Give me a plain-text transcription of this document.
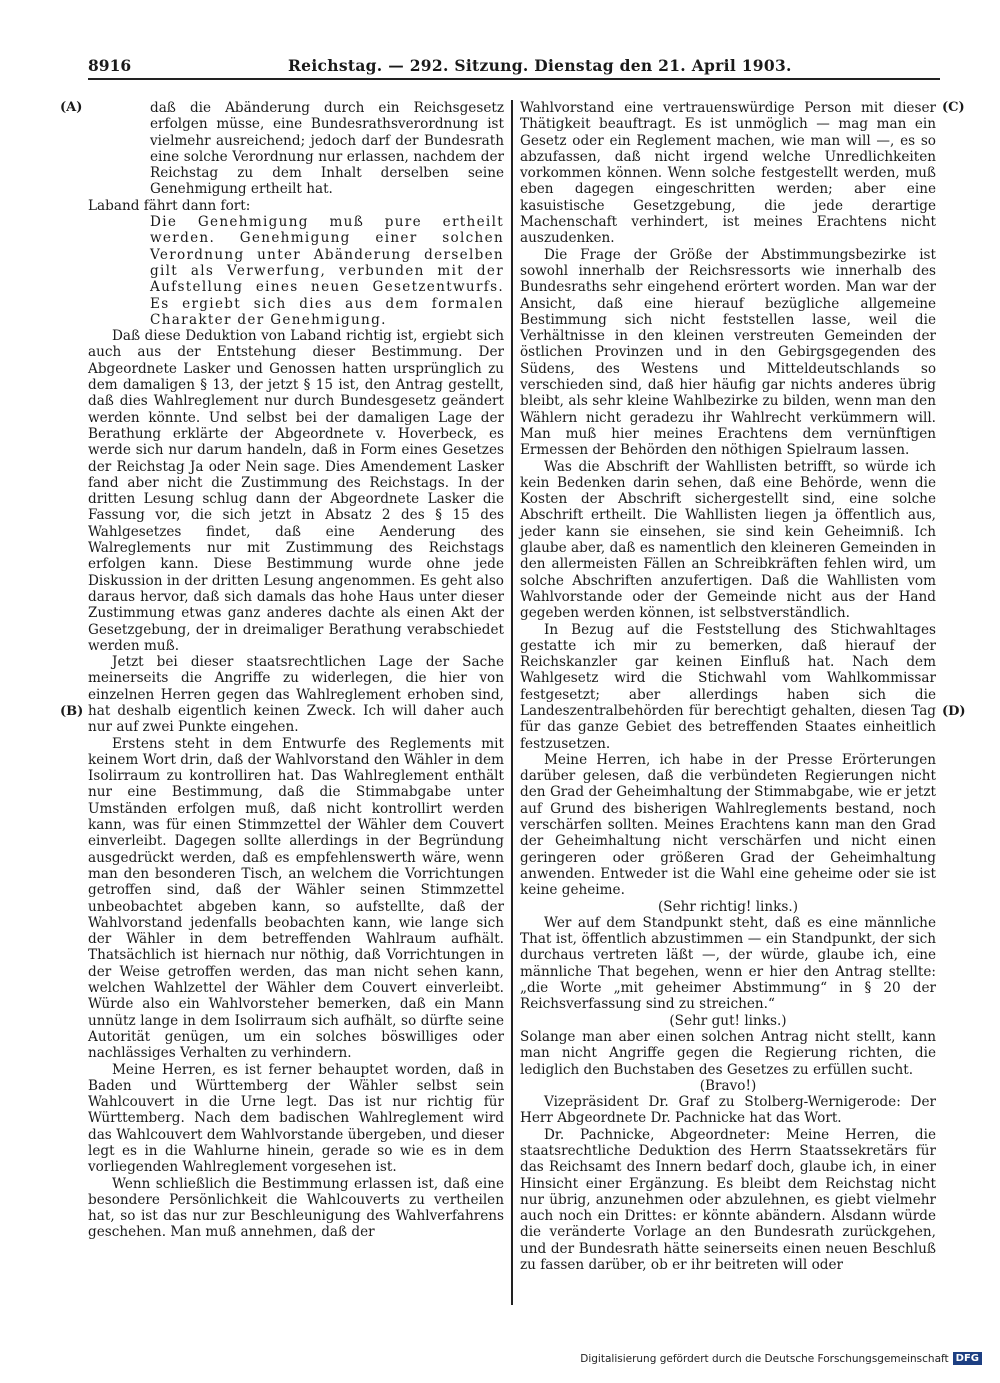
8916	Reichstag. — 292. Sitzung. Dienstag den 21. April 1903.
(A)
(B)
(C)
(D)

daß die Abänderung durch ein Reichsgesetz erfolgen müsse, eine Bundesrathsverordnung ist vielmehr ausreichend; jedoch darf der Bundesrath eine solche Verordnung nur erlassen, nachdem der Reichstag zu dem Inhalt derselben seine Genehmigung ertheilt hat.

Laband fährt dann fort:

Die Genehmigung muß pure ertheilt werden. Genehmigung einer solchen Verordnung unter Abänderung derselben gilt als Verwerfung, verbunden mit der Aufstellung eines neuen Gesetzentwurfs. Es ergiebt sich dies aus dem formalen Charakter der Genehmigung.

Daß diese Deduktion von Laband richtig ist, ergiebt sich auch aus der Entstehung dieser Bestimmung. Der Abgeordnete Lasker und Genossen hatten ursprünglich zu dem damaligen § 13, der jetzt § 15 ist, den Antrag gestellt, daß dies Wahlreglement nur durch Bundesgesetz geändert werden könnte. Und selbst bei der damaligen Lage der Berathung erklärte der Abgeordnete v. Hoverbeck, es werde sich nur darum handeln, daß in Form eines Gesetzes der Reichstag Ja oder Nein sage. Dies Amendement Lasker fand aber nicht die Zustimmung des Reichstags. In der dritten Lesung schlug dann der Abgeordnete Lasker die Fassung vor, die sich jetzt in Absatz 2 des § 15 des Wahlgesetzes findet, daß eine Aenderung des Walreglements nur mit Zustimmung des Reichstags erfolgen kann. Diese Bestimmung wurde ohne jede Diskussion in der dritten Lesung angenommen. Es geht also daraus hervor, daß sich damals das hohe Haus unter dieser Zustimmung etwas ganz anderes dachte als einen Akt der Gesetzgebung, der in dreimaliger Berathung verabschiedet werden muß.

Jetzt bei dieser staatsrechtlichen Lage der Sache meinerseits die Angriffe zu widerlegen, die hier von einzelnen Herren gegen das Wahlreglement erhoben sind, hat deshalb eigentlich keinen Zweck. Ich will daher auch nur auf zwei Punkte eingehen.

Erstens steht in dem Entwurfe des Reglements mit keinem Wort drin, daß der Wahlvorstand den Wähler in dem Isolirraum zu kontrolliren hat. Das Wahlreglement enthält nur eine Bestimmung, daß die Stimmabgabe unter Umständen erfolgen muß, daß nicht kontrollirt werden kann, was für einen Stimmzettel der Wähler dem Couvert einverleibt. Dagegen sollte allerdings in der Begründung ausgedrückt werden, daß es empfehlenswerth wäre, wenn man den besonderen Tisch, an welchem die Vorrichtungen getroffen sind, daß der Wähler seinen Stimmzettel unbeobachtet abgeben kann, so aufstellte, daß der Wahlvorstand jedenfalls beobachten kann, wie lange sich der Wähler in dem betreffenden Wahlraum aufhält. Thatsächlich ist hiernach nur nöthig, daß Vorrichtungen in der Weise getroffen werden, das man nicht sehen kann, welchen Wahlzettel der Wähler dem Couvert einverleibt. Würde also ein Wahlvorsteher bemerken, daß ein Mann unnütz lange in dem Isolirraum sich aufhält, so dürfte seine Autorität genügen, um ein solches böswilliges oder nachlässiges Verhalten zu verhindern.

Meine Herren, es ist ferner behauptet worden, daß in Baden und Württemberg der Wähler selbst sein Wahlcouvert in die Urne legt. Das ist nur richtig für Württemberg. Nach dem badischen Wahlreglement wird das Wahlcouvert dem Wahlvorstande übergeben, und dieser legt es in die Wahlurne hinein, gerade so wie es in dem vorliegenden Wahlreglement vorgesehen ist.

Wenn schließlich die Bestimmung erlassen ist, daß eine besondere Persönlichkeit die Wahlcouverts zu vertheilen hat, so ist das nur zur Beschleunigung des Wahlverfahrens geschehen. Man muß annehmen, daß der

Wahlvorstand eine vertrauenswürdige Person mit dieser Thätigkeit beauftragt. Es ist unmöglich — mag man ein Gesetz oder ein Reglement machen, wie man will —, es so abzufassen, daß nicht irgend welche Unredlichkeiten vorkommen können. Wenn solche festgestellt werden, muß eben dagegen eingeschritten werden; aber eine kasuistische Gesetzgebung, die jede derartige Machenschaft verhindert, ist meines Erachtens nicht auszudenken.

Die Frage der Größe der Abstimmungsbezirke ist sowohl innerhalb der Reichsressorts wie innerhalb des Bundesraths sehr eingehend erörtert worden. Man war der Ansicht, daß eine hierauf bezügliche allgemeine Bestimmung sich nicht feststellen lasse, weil die Verhältnisse in den kleinen verstreuten Gemeinden der östlichen Provinzen und in den Gebirgsgegenden des Südens, des Westens und Mitteldeutschlands so verschieden sind, daß hier häufig gar nichts anderes übrig bleibt, als sehr kleine Wahlbezirke zu bilden, wenn man den Wählern nicht geradezu ihr Wahlrecht verkümmern will. Man muß hier meines Erachtens dem vernünftigen Ermessen der Behörden den nöthigen Spielraum lassen.

Was die Abschrift der Wahllisten betrifft, so würde ich kein Bedenken darin sehen, daß eine Behörde, wenn die Kosten der Abschrift sichergestellt sind, eine solche Abschrift ertheilt. Die Wahllisten liegen ja öffentlich aus, jeder kann sie einsehen, sie sind kein Geheimniß. Ich glaube aber, daß es namentlich den kleineren Gemeinden in den allermeisten Fällen an Schreibkräften fehlen wird, um solche Abschriften anzufertigen. Daß die Wahllisten vom Wahlvorstande oder der Gemeinde nicht aus der Hand gegeben werden können, ist selbstverständlich.

In Bezug auf die Feststellung des Stichwahltages gestatte ich mir zu bemerken, daß hierauf der Reichskanzler gar keinen Einfluß hat. Nach dem Wahlgesetz wird die Stichwahl vom Wahlkommissar festgesetzt; aber allerdings haben sich die Landeszentralbehörden für berechtigt gehalten, diesen Tag für das ganze Gebiet des betreffenden Staates einheitlich festzusetzen.

Meine Herren, ich habe in der Presse Erörterungen darüber gelesen, daß die verbündeten Regierungen nicht den Grad der Geheimhaltung der Stimmabgabe, wie er jetzt auf Grund des bisherigen Wahlreglements bestand, noch verschärfen sollten. Meines Erachtens kann man den Grad der Geheimhaltung nicht verschärfen und nicht einen geringeren oder größeren Grad der Geheimhaltung anwenden. Entweder ist die Wahl eine geheime oder sie ist keine geheime.

(Sehr richtig! links.)

Wer auf dem Standpunkt steht, daß es eine männliche That ist, öffentlich abzustimmen — ein Standpunkt, der sich durchaus vertreten läßt —, der würde, glaube ich, eine männliche That begehen, wenn er hier den Antrag stellte: „die Worte „mit geheimer Abstimmung“ in § 20 der Reichsverfassung sind zu streichen.“

(Sehr gut! links.)

Solange man aber einen solchen Antrag nicht stellt, kann man nicht Angriffe gegen die Regierung richten, die lediglich den Buchstaben des Gesetzes zu erfüllen sucht.

(Bravo!)

Vizepräsident Dr. Graf zu Stolberg-Wernigerode: Der Herr Abgeordnete Dr. Pachnicke hat das Wort.

Dr. Pachnicke, Abgeordneter: Meine Herren, die staatsrechtliche Deduktion des Herrn Staatssekretärs für das Reichsamt des Innern bedarf doch, glaube ich, in einer Hinsicht einer Ergänzung. Es bleibt dem Reichstag nicht nur übrig, anzunehmen oder abzulehnen, es giebt vielmehr auch noch ein Drittes: er könnte abändern. Alsdann würde die veränderte Vorlage an den Bundesrath zurückgehen, und der Bundesrath hätte seinerseits einen neuen Beschluß zu fassen darüber, ob er ihr beitreten will oder

Digitalisierung gefördert durch die Deutsche Forschungsgemeinschaft DFG
